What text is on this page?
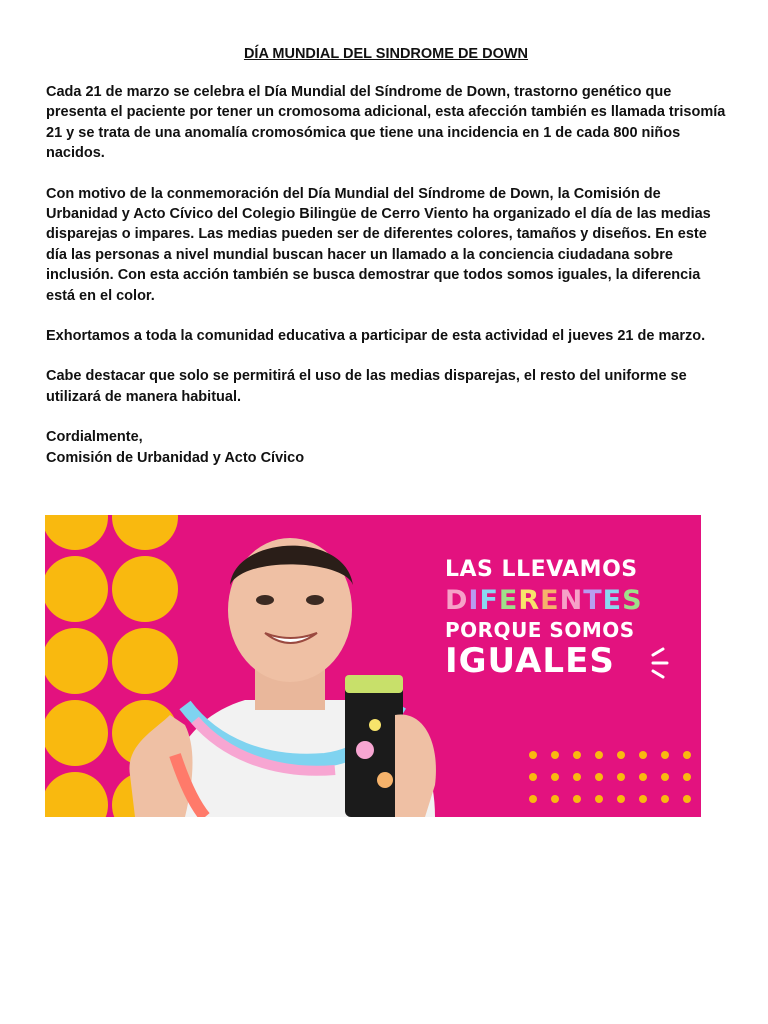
DÍA MUNDIAL DEL SINDROME DE DOWN

Cada 21 de marzo se celebra el Día Mundial del Síndrome de Down, trastorno genético que presenta el paciente por tener un cromosoma adicional, esta afección también es llamada trisomía 21 y se trata de una anomalía cromosómica que tiene una incidencia en 1 de cada 800 niños nacidos.

Con motivo de la conmemoración del Día Mundial del Síndrome de Down, la Comisión de Urbanidad y Acto Cívico del Colegio Bilingüe de Cerro Viento ha organizado el día de las medias disparejas o impares. Las medias pueden ser de diferentes colores, tamaños y diseños. En este día las personas a nivel mundial buscan hacer un llamado a la conciencia ciudadana sobre inclusión. Con esta acción también se busca demostrar que todos somos iguales, la diferencia está en el color.

Exhortamos a toda la comunidad educativa a participar de esta actividad el jueves 21 de marzo.

Cabe destacar que solo se permitirá el uso de las medias disparejas, el resto del uniforme se utilizará de manera habitual.

Cordialmente,
Comisión de Urbanidad y Acto Cívico
LAS LLEVAMOS
DIFERENTES
PORQUE SOMOS
IGUALES
